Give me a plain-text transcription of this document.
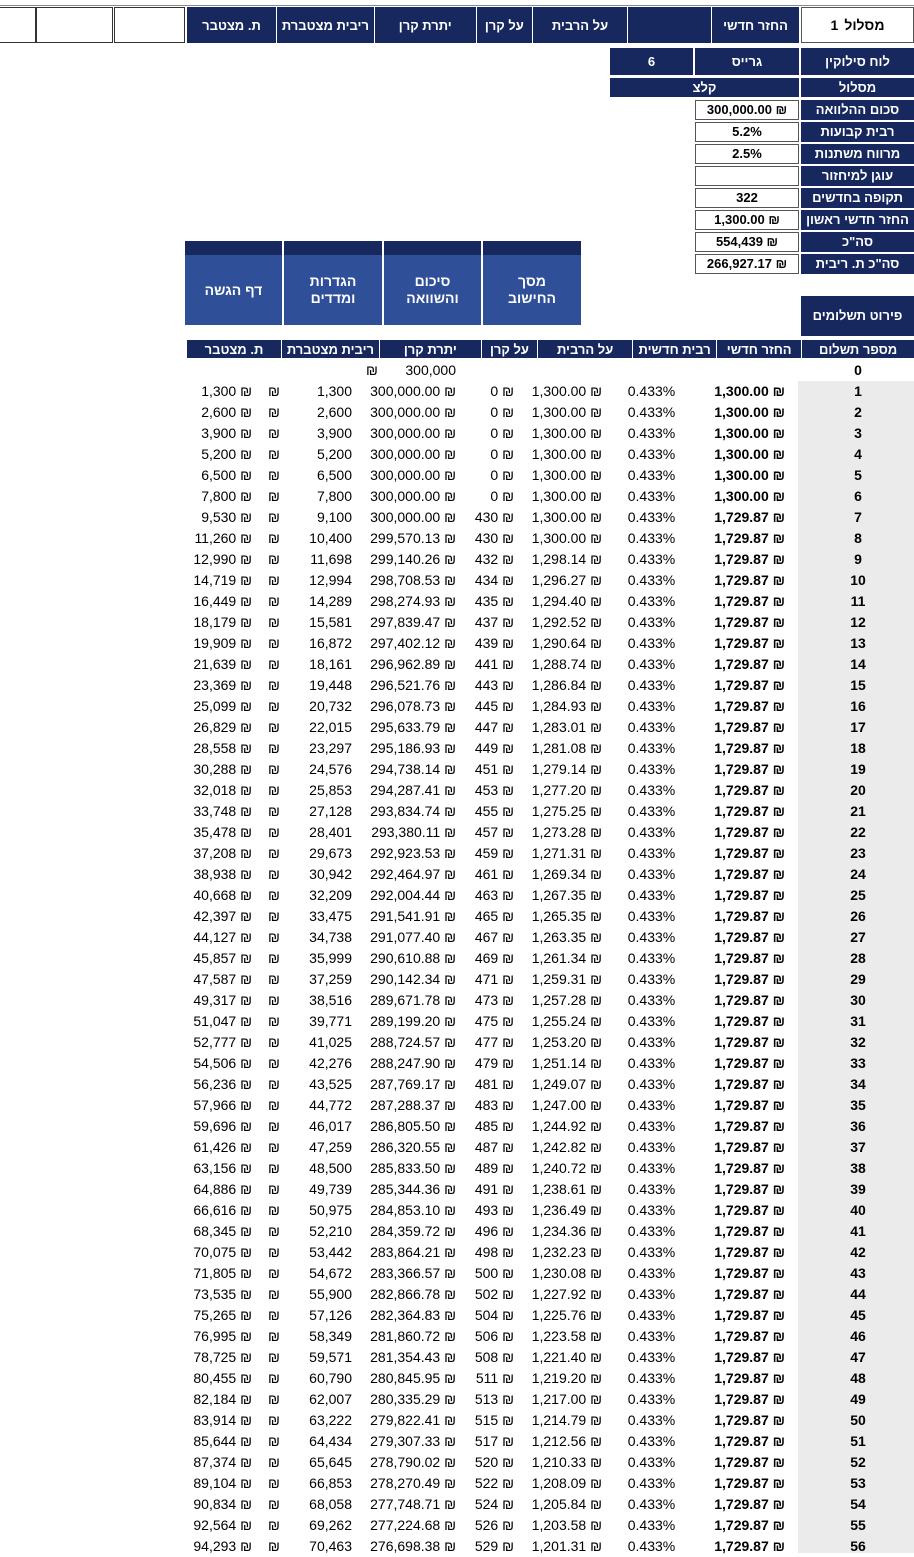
החזר חדשי
על הרבית
על קרן
יתרת קרן
ריבית מצטברת
ת. מצטבר	מסלול
1
לוח סילוקין
גרייס
6
מסלול
קלצ
סכום ההלוואה
300,000.00 ₪
רבית קבועות
5.2%
מרווח משתנות
2.5%
עוגן למיחזור
תקופה בחדשים
322
החזר חדשי ראשון
1,300.00 ₪
סה"כ
554,439 ₪
סה"כ ת. ריבית
266,927.17 ₪
מסך
החישוב
סיכום
והשוואה
הגדרות
ומדדים
דף הגשה
פירוט תשלומים
מספר תשלום
החזר חדשי
רבית חדשית
על הרבית
על קרן
יתרת קרן
ריבית מצטברת
ת. מצטבר
0
300,000
₪
1
1,300.00 ₪
0.433%
1,300.00 ₪
0 ₪
300,000.00 ₪
1,300
1,300 ₪ ₪
2
1,300.00 ₪
0.433%
1,300.00 ₪
0 ₪
300,000.00 ₪
2,600
2,600 ₪ ₪
3
1,300.00 ₪
0.433%
1,300.00 ₪
0 ₪
300,000.00 ₪
3,900
3,900 ₪ ₪
4
1,300.00 ₪
0.433%
1,300.00 ₪
0 ₪
300,000.00 ₪
5,200
5,200 ₪ ₪
5
1,300.00 ₪
0.433%
1,300.00 ₪
0 ₪
300,000.00 ₪
6,500
6,500 ₪ ₪
6
1,300.00 ₪
0.433%
1,300.00 ₪
0 ₪
300,000.00 ₪
7,800
7,800 ₪ ₪
7
1,729.87 ₪
0.433%
1,300.00 ₪
430 ₪
300,000.00 ₪
9,100
9,530 ₪ ₪
8
1,729.87 ₪
0.433%
1,300.00 ₪
430 ₪
299,570.13 ₪
10,400
11,260 ₪ ₪
9
1,729.87 ₪
0.433%
1,298.14 ₪
432 ₪
299,140.26 ₪
11,698
12,990 ₪ ₪
10
1,729.87 ₪
0.433%
1,296.27 ₪
434 ₪
298,708.53 ₪
12,994
14,719 ₪ ₪
11
1,729.87 ₪
0.433%
1,294.40 ₪
435 ₪
298,274.93 ₪
14,289
16,449 ₪ ₪
12
1,729.87 ₪
0.433%
1,292.52 ₪
437 ₪
297,839.47 ₪
15,581
18,179 ₪ ₪
13
1,729.87 ₪
0.433%
1,290.64 ₪
439 ₪
297,402.12 ₪
16,872
19,909 ₪ ₪
14
1,729.87 ₪
0.433%
1,288.74 ₪
441 ₪
296,962.89 ₪
18,161
21,639 ₪ ₪
15
1,729.87 ₪
0.433%
1,286.84 ₪
443 ₪
296,521.76 ₪
19,448
23,369 ₪ ₪
16
1,729.87 ₪
0.433%
1,284.93 ₪
445 ₪
296,078.73 ₪
20,732
25,099 ₪ ₪
17
1,729.87 ₪
0.433%
1,283.01 ₪
447 ₪
295,633.79 ₪
22,015
26,829 ₪ ₪
18
1,729.87 ₪
0.433%
1,281.08 ₪
449 ₪
295,186.93 ₪
23,297
28,558 ₪ ₪
19
1,729.87 ₪
0.433%
1,279.14 ₪
451 ₪
294,738.14 ₪
24,576
30,288 ₪ ₪
20
1,729.87 ₪
0.433%
1,277.20 ₪
453 ₪
294,287.41 ₪
25,853
32,018 ₪ ₪
21
1,729.87 ₪
0.433%
1,275.25 ₪
455 ₪
293,834.74 ₪
27,128
33,748 ₪ ₪
22
1,729.87 ₪
0.433%
1,273.28 ₪
457 ₪
293,380.11 ₪
28,401
35,478 ₪ ₪
23
1,729.87 ₪
0.433%
1,271.31 ₪
459 ₪
292,923.53 ₪
29,673
37,208 ₪ ₪
24
1,729.87 ₪
0.433%
1,269.34 ₪
461 ₪
292,464.97 ₪
30,942
38,938 ₪ ₪
25
1,729.87 ₪
0.433%
1,267.35 ₪
463 ₪
292,004.44 ₪
32,209
40,668 ₪ ₪
26
1,729.87 ₪
0.433%
1,265.35 ₪
465 ₪
291,541.91 ₪
33,475
42,397 ₪ ₪
27
1,729.87 ₪
0.433%
1,263.35 ₪
467 ₪
291,077.40 ₪
34,738
44,127 ₪ ₪
28
1,729.87 ₪
0.433%
1,261.34 ₪
469 ₪
290,610.88 ₪
35,999
45,857 ₪ ₪
29
1,729.87 ₪
0.433%
1,259.31 ₪
471 ₪
290,142.34 ₪
37,259
47,587 ₪ ₪
30
1,729.87 ₪
0.433%
1,257.28 ₪
473 ₪
289,671.78 ₪
38,516
49,317 ₪ ₪
31
1,729.87 ₪
0.433%
1,255.24 ₪
475 ₪
289,199.20 ₪
39,771
51,047 ₪ ₪
32
1,729.87 ₪
0.433%
1,253.20 ₪
477 ₪
288,724.57 ₪
41,025
52,777 ₪ ₪
33
1,729.87 ₪
0.433%
1,251.14 ₪
479 ₪
288,247.90 ₪
42,276
54,506 ₪ ₪
34
1,729.87 ₪
0.433%
1,249.07 ₪
481 ₪
287,769.17 ₪
43,525
56,236 ₪ ₪
35
1,729.87 ₪
0.433%
1,247.00 ₪
483 ₪
287,288.37 ₪
44,772
57,966 ₪ ₪
36
1,729.87 ₪
0.433%
1,244.92 ₪
485 ₪
286,805.50 ₪
46,017
59,696 ₪ ₪
37
1,729.87 ₪
0.433%
1,242.82 ₪
487 ₪
286,320.55 ₪
47,259
61,426 ₪ ₪
38
1,729.87 ₪
0.433%
1,240.72 ₪
489 ₪
285,833.50 ₪
48,500
63,156 ₪ ₪
39
1,729.87 ₪
0.433%
1,238.61 ₪
491 ₪
285,344.36 ₪
49,739
64,886 ₪ ₪
40
1,729.87 ₪
0.433%
1,236.49 ₪
493 ₪
284,853.10 ₪
50,975
66,616 ₪ ₪
41
1,729.87 ₪
0.433%
1,234.36 ₪
496 ₪
284,359.72 ₪
52,210
68,345 ₪ ₪
42
1,729.87 ₪
0.433%
1,232.23 ₪
498 ₪
283,864.21 ₪
53,442
70,075 ₪ ₪
43
1,729.87 ₪
0.433%
1,230.08 ₪
500 ₪
283,366.57 ₪
54,672
71,805 ₪ ₪
44
1,729.87 ₪
0.433%
1,227.92 ₪
502 ₪
282,866.78 ₪
55,900
73,535 ₪ ₪
45
1,729.87 ₪
0.433%
1,225.76 ₪
504 ₪
282,364.83 ₪
57,126
75,265 ₪ ₪
46
1,729.87 ₪
0.433%
1,223.58 ₪
506 ₪
281,860.72 ₪
58,349
76,995 ₪ ₪
47
1,729.87 ₪
0.433%
1,221.40 ₪
508 ₪
281,354.43 ₪
59,571
78,725 ₪ ₪
48
1,729.87 ₪
0.433%
1,219.20 ₪
511 ₪
280,845.95 ₪
60,790
80,455 ₪ ₪
49
1,729.87 ₪
0.433%
1,217.00 ₪
513 ₪
280,335.29 ₪
62,007
82,184 ₪ ₪
50
1,729.87 ₪
0.433%
1,214.79 ₪
515 ₪
279,822.41 ₪
63,222
83,914 ₪ ₪
51
1,729.87 ₪
0.433%
1,212.56 ₪
517 ₪
279,307.33 ₪
64,434
85,644 ₪ ₪
52
1,729.87 ₪
0.433%
1,210.33 ₪
520 ₪
278,790.02 ₪
65,645
87,374 ₪ ₪
53
1,729.87 ₪
0.433%
1,208.09 ₪
522 ₪
278,270.49 ₪
66,853
89,104 ₪ ₪
54
1,729.87 ₪
0.433%
1,205.84 ₪
524 ₪
277,748.71 ₪
68,058
90,834 ₪ ₪
55
1,729.87 ₪
0.433%
1,203.58 ₪
526 ₪
277,224.68 ₪
69,262
92,564 ₪ ₪
56
1,729.87 ₪
0.433%
1,201.31 ₪
529 ₪
276,698.38 ₪
70,463
94,293 ₪ ₪
